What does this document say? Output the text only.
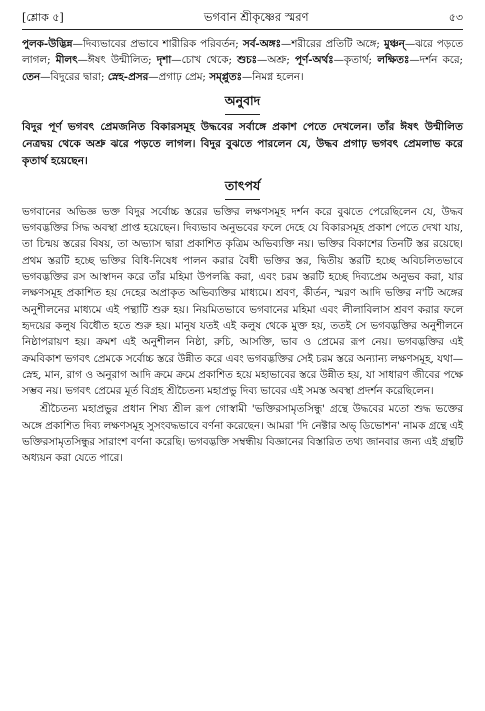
[শ্লোক ৫]	ভগবান শ্রীকৃষ্ণের স্মরণ	৫৩
পুলক-উদ্ভিন্ন—দিব্যভাবের প্রভাবে শারীরিক পরিবর্তন; সর্ব-অঙ্গঃ—শরীরের প্রতিটি অঙ্গে; মুঞ্চন্—ঝরে পড়তে লাগল; মীলৎ—ঈষৎ উন্মীলিত; দৃশা—চোখ থেকে; শুচঃ—অশ্রু; পূর্ণ-অর্থঃ—কৃতার্থ; লক্ষিতঃ—দর্শন করে; তেন—বিদুরের দ্বারা; স্নেহ-প্রসর—প্রগাঢ় প্রেম; সম্প্লুতঃ—নিমগ্ন হলেন।
অনুবাদ
বিদুর পূর্ণ ভগবৎ প্রেমজনিত বিকারসমূহ উদ্ধবের সর্বাঙ্গে প্রকাশ পেতে দেখলেন। তাঁর ঈষৎ উন্মীলিত নেত্রদ্বয় থেকে অশ্রু ঝরে পড়তে লাগল। বিদুর বুঝতে পারলেন যে, উদ্ধব প্রগাঢ় ভগবৎ প্রেমলাভ করে কৃতার্থ হয়েছেন।
তাৎপর্য

ভগবানের অভিজ্ঞ ভক্ত বিদুর সর্বোচ্চ স্তরের ভক্তির লক্ষণসমূহ দর্শন করে বুঝতে পেরেছিলেন যে, উদ্ধব ভগবদ্ভক্তির সিদ্ধ অবস্থা প্রাপ্ত হয়েছেন। দিব্যভাব অনুভবের ফলে দেহে যে বিকারসমূহ প্রকাশ পেতে দেখা যায়, তা চিন্ময় স্তরের বিষয়, তা অভ্যাস দ্বারা প্রকাশিত কৃত্রিম অভিব্যক্তি নয়। ভক্তির বিকাশের তিনটি স্তর রয়েছে। প্রথম স্তরটি হচ্ছে ভক্তির বিধি-নিষেধ পালন করার বৈধী ভক্তির স্তর, দ্বিতীয় স্তরটি হচ্ছে অবিচলিতভাবে ভগবদ্ভক্তির রস আস্বাদন করে তাঁর মহিমা উপলব্ধি করা, এবং চরম স্তরটি হচ্ছে দিব্যপ্রেম অনুভব করা, যার লক্ষণসমূহ প্রকাশিত হয় দেহের অপ্রাকৃত অভিব্যক্তির মাধ্যমে। শ্রবণ, কীর্তন, স্মরণ আদি ভক্তির ন'টি অঙ্গের অনুশীলনের মাধ্যমে এই পন্থাটি শুরু হয়। নিয়মিতভাবে ভগবানের মহিমা এবং লীলাবিলাস শ্রবণ করার ফলে হৃদয়ের কলুষ বিধৌত হতে শুরু হয়। মানুষ যতই এই কলুষ থেকে মুক্ত হয়, ততই সে ভগবদ্ভক্তির অনুশীলনে নিষ্ঠাপরায়ণ হয়। ক্রমশ এই অনুশীলন নিষ্ঠা, রুচি, আসক্তি, ভাব ও প্রেমের রূপ নেয়। ভগবদ্ভক্তির এই ক্রমবিকাশ ভগবৎ প্রেমকে সর্বোচ্চ স্তরে উন্নীত করে এবং ভগবদ্ভক্তির সেই চরম স্তরে অন্যান্য লক্ষণসমূহ, যথা—স্নেহ, মান, রাগ ও অনুরাগ আদি ক্রমে ক্রমে প্রকাশিত হয়ে মহাভাবের স্তরে উন্নীত হয়, যা সাধারণ জীবের পক্ষে সম্ভব নয়। ভগবৎ প্রেমের মূর্ত বিগ্রহ শ্রীচৈতন্য মহাপ্রভু দিব্য ভাবের এই সমস্ত অবস্থা প্রদর্শন করেছিলেন।

শ্রীচৈতন্য মহাপ্রভুর প্রধান শিষ্য শ্রীল রূপ গোস্বামী 'ভক্তিরসামৃতসিন্ধু' গ্রন্থে উদ্ধবের মতো শুদ্ধ ভক্তের অঙ্গে প্রকাশিত দিব্য লক্ষণসমূহ সুসংবদ্ধভাবে বর্ণনা করেছেন। আমরা 'দি নেক্টার অভ্ ডিভোশন' নামক গ্রন্থে এই ভক্তিরসামৃতসিন্ধুর সারাংশ বর্ণনা করেছি। ভগবদ্ভক্তি সম্বন্ধীয় বিজ্ঞানের বিস্তারিত তথ্য জানবার জন্য এই গ্রন্থটি অধ্যয়ন করা যেতে পারে।
